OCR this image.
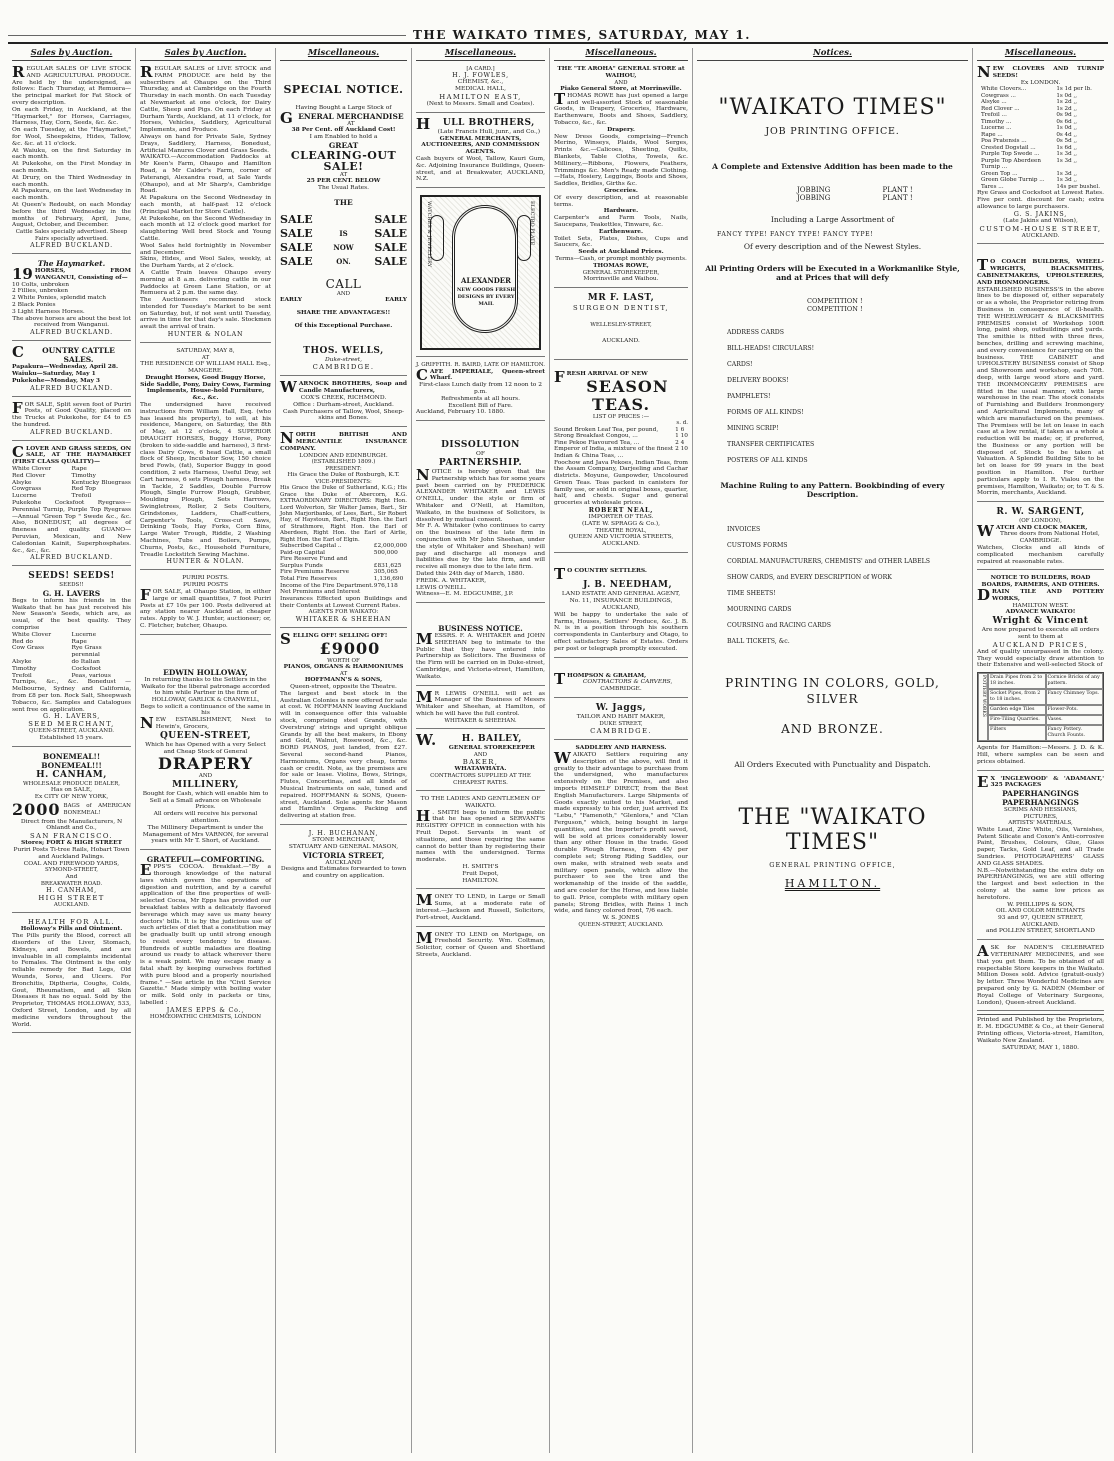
THE WAIKATO TIMES, SATURDAY, MAY 1.
Sales by Auction.
REGULAR SALES OF LIVE STOCK AND AGRICULTURAL PRODUCE. Are held by the undersigned, as follows: Each Thursday, at Remuera—the principal market for Fat Stock of every description.
On each Friday, in Auckland, at the "Haymarket," for Horses, Carriages, Harness, Hay, Corn, Seeds, &c. &c.
On each Tuesday, at the "Haymarket," for Wool, Sheepskins, Hides, Tallow, &c. &c. at 11 o'clock.
At Waiuku, on the first Saturday in each month.
At Pukekohe, on the First Monday in each month.
At Drury, on the Third Wednesday in each month.
At Papakura, on the last Wednesday in each month.
At Queen's Redoubt, on each Monday before the third Wednesday in the months of February, April, June, August, October, and December.
Cattle Sales specially advertised. Sheep Fairs specially advertised.
ALFRED BUCKLAND.
The Haymarket.
19 HORSES, FROM WANGANUI, Consisting of—
10 Colts, unbroken
2 Fillies, unbroken
2 White Ponies, splendid match
2 Black Ponies
3 Light Harness Horses.
The above horses are about the best lot received from Wanganui.
ALFRED BUCKLAND.
C OUNTRY CATTLE SALES.
Papakura—Wednesday, April 28.
Waiuku—Saturday, May 1
Pukekohe—Monday, May 3
ALFRED BUCKLAND.
FOR SALE, Split seven foot of Puriri Posts, of Good Quality, placed on the Trucks at Pukekohe, for £4 to £5 the hundred.
ALFRED BUCKLAND.
CLOVER AND GRASS SEEDS, ON SALE, AT THE HAYMARKET (FIRST CLASS QUALITY)—
White Clover	Rape
Red Clover	Timothy
Alsyke	Kentucky Bluegrass
Cowgrass	Red Top
Lucerne	Trefoil
Pukekohe Cocksfoot Ryegrass—Perennial Turnip, Purple Top Ryegrass—Annual "Green Top " Swede &c., &c. Also, BONEDUST, all degrees of fineness and quality. GUANO—Peruvian, Mexican, and New Caledonian Kainit, Superphosphates. &c., &c., &c.
ALFRED BUCKLAND.
SEEDS! SEEDS!
SEEDS!!
G. H. LAVERS
Begs to inform his friends in the Waikato that he has just received his New Season's Seeds, which are, as usual, of the best quality. They comprise
White Clover	Lucerne
Red do	Rape
Cow Grass	Rye Grass perennial
Alsyke	do Italian
Timothy	Cocksfoot
Trefoil	Peas, various
Turnips, &c., &c. Bonedust — Melbourne, Sydney and California, from £8 per ton. Rock Salt, Sheepwash Tobacco, &c. Samples and Catalogues sent free on application.
G. H. LAVERS,
SEED MERCHANT,
QUEEN-STREET, AUCKLAND.
Established 15 years.
BONEMEAL!! BONEMEAL!!!
H. CANHAM,
WHOLESALE PRODUCE DEALER,
Has on SALE,
Ex CITY OF NEW YORK,
2000 BAGS of AMERICAN BONEMEAL!
Direct from the Manufacturers, N Ohlandt and Co.,
SAN FRANCISCO.
Stores; FORT & HIGH STREET
Puriri Posts Ti-tree Rails, Hobart Town and Auckland Palings.
COAL AND FIREWOOD YARDS,
SYMOND-STREET,
And
BREAKWATER ROAD.
H. CANHAM,
HIGH STREET
AUCKLAND.
HEALTH FOR ALL.
Holloway's Pills and Ointment.
The Pills purify the Blood, correct all disorders of the Liver, Stomach, Kidneys, and Bowels, and are invaluable in all complaints incidental to Females. The Ointment is the only reliable remedy for Bad Legs, Old Wounds, Sores, and Ulcers. For Bronchitis, Diptheria, Coughs, Colds, Gout, Rheumatism, and all Skin Diseases it has no equal. Sold by the Proprietor, THOMAS HOLLOWAY, 533, Oxford Street, London, and by all medicine vendors throughout the World.
Sales by Auction.
REGULAR SALES of LIVE STOCK and FARM PRODUCE are held by the subscribers at Ohaupo on the Third Thursday, and at Cambridge on the Fourth Thursday in each month. On each Tuesday at Newmarket at one o'clock, for Dairy Cattle, Sheep and Pigs. On each Friday at Durham Yards, Auckland, at 11 o'clock, for Horses, Vehicles, Saddlery, Agricultural Implements, and Produce.
Always on hand for Private Sale, Sydney Drays, Saddlery, Harness, Bonedust, Artificial Manures Clover and Grass Seeds.
WAIKATO.—Accommodation Paddocks at Mr Keen's Farm, Ohaupo and Hamilton Road, a Mr Calder's Farm, corner of Paterangi, Alexandra road, at Sale Yards (Ohaupo), and at Mr Sharp's, Cambridge Road.
At Papakura on the Second Wednesday in each month, at half-past 12 o'clock (Principal Market for Store Cattle).
At Pukekohe, on the Second Wednesday in each month at 12 o'clock good market for slaughtering Well bred Stock and Young Cattle.
Wool Sales held fortnightly in November and December.
Skins, Hides, and Wool Sales, weekly, at the Durham Yards, at 2 o'clock.
A Cattle Train leaves Ohaupo every morning at 8 a.m. delivering cattle in our Paddocks at Green Lane Station, or at Remuera at 2 p.m. the same day.
The Auctioneers recommend stock intended for Tuesday's Market to be sent on Saturday, but, if not sent until Tuesday, arrive in time for that day's sale. Stockmen await the arrival of train.
HUNTER & NOLAN
SATURDAY, MAY 8,
AT
THE RESIDENCE OF WILLIAM HALL Esq., MANGERE.
Draught Horses, Good Buggy Horse, Side Saddle, Pony, Dairy Cows, Farming Implements, House-hold Furniture, &c., &c.
The undersigned have received instructions from William Hall, Esq. (who has leased his property), to sell, at his residence, Mangere, on Saturday, the 8th of May, at 12 o'clock, 4 SUPERIOR DRAUGHT HORSES, Buggy Horse, Pony (broken to side-saddle and harness), 3 first-class Dairy Cows, 6 head Cattle, a small flock of Sheep, Incubator Sow, 150 choice bred Fowls, (fat), Superior Buggy in good condition, 2 sets Harness, Useful Dray, set Cart harness, 6 sets Plough harness, Break in Tackle, 2 Saddles, Double Furrow Plough, Single Furrow Plough, Grubber, Moulding Plough, Sets Harrows, Swingletrees, Roller, 2 Sets Coulters, Grindstones, Ladders, Chaff-cutters, Carpenter's Tools, Cross-cut Saws, Drinking Tools, Hay Forks, Corn Bins, Large Water Trough, Riddle, 2 Washing Machines, Tubs and Boilers, Pumps, Churns, Posts, &c., Household Furniture, Treadle Lockstitch Sewing Machine.
HUNTER & NOLAN.
PURIRI POSTS.
PURIRI POSTS
FOR SALE, at Ohaupo Station, in either large or small quantities, 7 foot Puriri Posts at £7 10s per 100. Posts delivered at any station nearer Auckland at cheaper rates. Apply to W. J. Hunter, auctioneer; or, C. Fletcher, butcher, Ohaupo.
EDWIN HOLLOWAY,
In returning thanks to the Settlers in the Waikato for the liberal patronage accorded to him while Partner in the firm of
HOLLOWAY, GARLICK & CRANWELL,
Begs to solicit a continuance of the same in his
NEW ESTABLISHMENT, Next to Hewin's, Grocers,
QUEEN-STREET,
Which he has Opened with a very Select and Cheap Stock of General
DRAPERY
AND
MILLINERY,
Bought for Cash, which will enable him to Sell at a Small advance on Wholesale Prices.
All orders will receive his personal attention.
The Millinery Department is under the Management of Mrs VARNON, for several years with Mr T. Short, of Auckland.
GRATEFUL—COMFORTING.
EPPS'S COCOA. Breakfast.—"By a thorough knowledge of the natural laws which govern the operations of digestion and nutrition, and by a careful application of the fine properties of well-selected Cocoa, Mr Epps has provided our breakfast tables with a delicately flavored beverage which may save us many heavy doctors' bills. It is by the judicious use of such articles of diet that a constitution may be gradually built up until strong enough to resist every tendency to disease. Hundreds of subtle maladies are floating around us ready to attack wherever there is a weak point. We may escape many a fatal shaft by keeping ourselves fortified with pure blood and a properly nourished frame." —See article in the "Civil Service Gazette." Made simply with boiling water or milk. Sold only in packets or tins, labelled :
JAMES EPPS & Co.,
HOMŒOPATHIC CHEMISTS, LONDON
Miscellaneous.
SPECIAL NOTICE.
Having Bought a Large Stock of
GENERAL MERCHANDISE
AT
38 Per Cent. off Auckland Cost!
I am Enabled to hold a
GREAT
CLEARING-OUT SALE!
AT
25 PER CENT. BELOW
The Usual Rates.
THE
SALE	SALE
SALE	IS	SALE
SALE	NOW	SALE
SALE	ON.	SALE
CALL
AND
EARLY	EARLY
SHARE THE ADVANTAGES!!
Of this Exceptional Purchase.
THOS. WELLS,
Duke-street,
CAMBRIDGE.
WARNOCK BROTHERS, Soap and Candle Manufacturers,
COX'S CREEK, RICHMOND.
Office : Durham-street, Auckland.
Cash Purchasers of Tallow, Wool, Sheep-skins and Bones.
NORTH BRITISH AND MERCANTILE INSURANCE COMPANY.
LONDON AND EDINBURGH.
(ESTABLISHED 1809.)
PRESIDENT:
His Grace the Duke of Roxburgh, K.T.
VICE-PRESIDENTS:
His Grace the Duke of Sutherland, K.G.; His Grace the Duke of Abercorn, K.G. EXTRAORDINARY DIRECTORS: Right Hon. Lord Wolverton, Sir Walter James, Bart., Sir John Marjoribanks, of Lees, Bart., Sir Robert Hay, of Haystoun, Bart., Right Hon. the Earl of Strathmore, Right Hon. the Earl of Aberdeen, Right Hon. the Earl of Airlie, Right Hon. the Earl of Elgin.
Subscribed Capital ..	£2,000,000
Paid-up Capital	500,000
Fire Reserve Fund and
Surplus Funds	£831,625
Fire Premiums Reserve	305,065
Total Fire Reserves	1,136,690
Income of the Fire Department. Net Premiums and Interest
976,118
Insurances Effected upon Buildings and their Contents at Lowest Current Rates.
AGENTS FOR WAIKATO:
WHITAKER & SHEEHAN
SELLING OFF! SELLING OFF!
£9000
WORTH OF
PIANOS, ORGANS & HARMONIUMS
AT
HOFFMANN'S & SONS,
Queen-street, opposite the Theatre.
The largest and best stock in the Australian Colonies is now offered for sale at cost. W. HOFFMANN leaving Auckland will in consequence offer this valuable stock, comprising steel Grands, with Overstrung' strings and upright oblique Grands by all the best makers, in Ebony and Gold, Walnut, Rosewood, &c., &c. BORD PIANOS, just landed, from £27. Several second-hand Pianos, Harmoniums, Organs very cheap, terms cash or credit. Note, as the premises are for sale or lease. Violins, Bows, Strings, Flutes, Concertinas, and all kinds of Musical Instruments on sale, tuned and repaired. HOFFMANN & SONS, Queen-street, Auckland. Sole agents for Mason and Hamlin's Organs. Packing and delivering at station free.
J. H. BUCHANAN,
STONE MERCHANT,
STATUARY AND GENERAL MASON,
VICTORIA STREET,
AUCKLAND
Designs and Estimates forwarded to town and country on application.
Miscellaneous.
[A CARD.]
H. J. FOWLES,
CHEMIST, &c.,
MEDICAL HALL,
HAMILTON EAST,
(Next to Messrs. Small and Coates).
H ULL BROTHERS,
(Late Francis Hull, junr., and Co.,)
GENERAL MERCHANTS, AUCTIONEERS, AND COMMISSION AGENTS.
Cash buyers of Wool, Tallow, Kauri Gum, &c. Adjoining Insurance Buildings, Queen-street, and at Breakwater, AUCKLAND, N.Z.
WATCHES & JEWELLERY	ELECTRO PLATE
ALEXANDER
NEW GOODS FRESH DESIGNS BY EVERY MAIL
J. GRIFFITH. R. BAIRD, LATE OF HAMILTON.
CAFE IMPERIALE, Queen-street Wharf.
First-class Lunch daily from 12 noon to 2 p.m.
Refreshments at all hours.
Excellent Bill of Fare.
Auckland, February 10. 1880.
DISSOLUTION
OF
PARTNERSHIP.
NOTICE is hereby given that the Partnership which has for some years past been carried on by FREDERICK ALEXANDER WHITAKER and LEWIS O'NEILL, under the style or firm of Whitaker and O'Neill, at Hamilton, Waikato, in the business of Solicitors, is dissolved by mutual consent.
Mr F. A. Whitaker (who continues to carry on the business of the late firm in conjunction with Mr John Sheehan, under the style of Whitaker and Sheehan) will pay and discharge all moneys and liabilities due by the late firm, and will receive all moneys due to the late firm.
Dated this 24th day of March, 1880.
FREDK. A. WHITAKER,
LEWIS O'NEILL.
Witness—E. M. EDGCUMBE, J.P.
BUSINESS NOTICE.
MESSRS. F. A. WHITAKER and JOHN SHEEHAN beg to intimate to the Public that they have entered into Partnership as Solicitors. The Business of the Firm will be carried on in Duke-street, Cambridge, and Victoria-street, Hamilton, Waikato.
M R LEWIS O'NEILL will act as Manager of the Business of Messrs Whitaker and Sheehan, at Hamilton, of which he will have the full control.
WHITAKER & SHEEHAN.
W.	H. BAILEY,
GENERAL STOREKEEPER
AND
BAKER,
WHATAWHATA.
CONTRACTORS SUPPLIED AT THE CHEAPEST RATES.
TO THE LADIES AND GENTLEMEN OF WAIKATO.
H . SMITH begs to inform the public that he has opened a SERVANT'S REGISTRY OFFICE in connection with his Fruit Depot. Servants in want of situations, and those requiring the same cannot do better than by registering their names with the undersigned. Terms moderate.
H. SMITH'S
Fruit Depot,
HAMILTON.
MONEY TO LEND, in Large or Small Sums, at a moderate rate of interest.—Jackson and Russell, Solicitors, Fort-street, Auckland.
MONEY TO LEND on Mortgage, on Freehold Security. Wm. Coltman, Solicitor, corner of Queen and Shortland Streets, Auckland.
Miscellaneous.
THE "TE AROHA" GENERAL STORE at WAIHOU,
AND
Piako General Store, at Morrinsville.
THOMAS ROWE has just opened a large and well-assorted Stock of seasonable Goods, in Drapery, Groceries, Hardware, Earthenware, Boots and Shoes, Saddlery, Tobacco, &c., &c.
Drapery.
New Dress Goods, comprising—French Merino, Winseys, Plaids, Wool Serges, Prints &c.—Calicoes, Sheeting, Quilts, Blankets, Table Cloths, Towels, &c. Millinery,—Ribbons, Flowers, Feathers, Trimmings &c. Men's Ready made Clothing.—Hats, Hosiery, Leggings, Boots and Shoes, Saddles, Bridles, Girths &c.
Groceries.
Of every description, and at reasonable terms.
Hardware.
Carpenter's and Farm Tools, Nails, Saucepans, Teakettles, Tinware, &c.
Earthenware.
Toilet Sets, Plates, Dishes, Cups and Saucers, &c.
Seeds at Auckland Prices.
Terms—Cash, or prompt monthly payments.
THOMAS ROWE,
GENERAL STOREKEEPER,
Morrinsville and Waihou.
MR F. LAST,
SURGEON DENTIST,
WELLESLEY-STREET,
AUCKLAND.
FRESH ARRIVAL OF NEW
SEASON TEAS.
LIST OF PRICES :—
s. d.
Sound Broken Leaf Tea, per pound,	1 6
Strong Breakfast Congou, ...	1 10
Fine Pekoe Flavoured Tea, ...	2 4
Emperor of India, a mixture of the finest Indian & China Teas, ...
2 10
Foochow and Java Pekoes, Indian Teas, from the Assam Company, Darjeeling and Cachar districts. Moyune, Gunpowder, Uncoloured Green Teas. Teas packed in canisters for family use, or sold in original boxes, quarter, half, and chests. Sugar and general groceries at wholesale prices.
ROBERT NEAL,
IMPORTER OF TEAS.
(LATE W. SPRAGG & Co.),
THEATRE ROYAL,
QUEEN AND VICTORIA STREETS, AUCKLAND.
T O COUNTRY SETTLERS.
J. B. NEEDHAM,
LAND ESTATE AND GENERAL AGENT,
No. 11, INSURANCE BUILDINGS, AUCKLAND,
Will be happy to undertake the sale of Farms, Houses, Settlers' Produce, &c. J. B. N. is in a position through his southern correspondents in Canterbury and Otago, to effect satisfactory Sales of Estates. Orders per post or telegraph promptly executed.
THOMPSON & GRAHAM,
CONTRACTORS & CARVERS,
CAMBRIDGE.
W. Jaggs,
TAILOR AND HABIT MAKER,
DUKE STREET,
CAMBRIDGE.
SADDLERY AND HARNESS.
WAIKATO Settlers requiring any description of the above, will find it greatly to their advantage to purchase from the undersigned, who manufactures extensively on the Premises, and also imports HIMSELF DIRECT, from the Best English Manufacturers. Large Shipments of Goods exactly suited to his Market, and made expressly to his order, just arrived Ex "Lebu," "Famenoth," "Glenlora," and "Clan Ferguson," which, being bought in large quantities, and the Importer's profit saved, will be sold at prices considerably lower than any other House in the trade. Good durable Plough Harness, from 45/ per complete set; Strong Riding Saddles, our own make, with strained web seats and military open panels, which allow the purchaser to see the tree and the workmanship of the inside of the saddle, and are cooler for the Horse, and less liable to gall. Price, complete with military open panels; Strong Bridles, with Reins 1 inch wide, and fancy colored front, 7/6 each.
W. S. JONES
QUEEN-STREET, AUCKLAND.
Notices.
"WAIKATO TIMES"
JOB PRINTING OFFICE.
A Complete and Extensive Addition has been made to the
JOBBING
JOBBING
PLANT !
PLANT !
Including a Large Assortment of
FANCY TYPE! FANCY TYPE! FANCY TYPE!
Of every description and of the Newest Styles.
All Printing Orders will be Executed in a Workmanlike Style, and at Prices that will defy
COMPETITION !
COMPETITION !
ADDRESS CARDS
BILL-HEADS! CIRCULARS!
CARDS!
DELIVERY BOOKS!
PAMPHLETS!
FORMS OF ALL KINDS!
MINING SCRIP!
TRANSFER CERTIFICATES
POSTERS OF ALL KINDS
Machine Ruling to any Pattern. Bookbinding of every Description.
INVOICES
CUSTOMS FORMS
CORDIAL MANUFACTURERS, CHEMISTS' and OTHER LABELS
SHOW CARDS, and EVERY DESCRIPTION of WORK
TIME SHEETS!
MOURNING CARDS
COURSING and RACING CARDS
BALL TICKETS, &c.
PRINTING IN COLORS, GOLD, SILVER
AND BRONZE.
All Orders Executed with Punctuality and Dispatch.
THE "WAIKATO TIMES"
GENERAL PRINTING OFFICE,
HAMILTON.
Miscellaneous.
NEW CLOVERS AND TURNIP SEEDS!
Ex LONDON.
White Clovers...	1s 1d per lb.
Cowgrass ...	1s 0d ,,
Alsyke ...	1s 2d ,,
Red Clover ...	1s 2d ,,
Trefoil ...	0s 9d ,,
Timothy ...	0s 6d ,,
Lucerne ...	1s 0d ,,
Rape ...	0s 4d ,,
Poa Pratensis ...	0s 5d ,,
Crested Dogstail ...	1s 6d ,,
Purple Top Swede ...	1s 3d ,,
Purple Top Aberdeen Turnip ...
1s 3d ,,
Green Top ...	1s 3d ,,
Green Globe Turnip ...	1s 3d ,,
Tares ...	14s per bushel.
Rye Grass and Cocksfoot at Lowest Rates. Five per cent. discount for cash; extra allowance to large purchasers.
G. S. JAKINS,
(Late Jakins and Wilson),
CUSTOM-HOUSE STREET,
AUCKLAND.
T O COACH BUILDERS, WHEEL-WRIGHTS, BLACKSMITHS, CABINETMAKERS, UPHOLSTERERS, AND IRONMONGERS.
ESTABLISHED BUSINESS'S in the above lines to be disposed of, either separately or as a whole, the Proprietor retiring from Business in consequence of ill-health. THE WHEELWRIGHT & BLACKSMITHS PREMISES consist of Workshop 100ft long, paint shop, outbuildings and yards. The smithie is fitted with three fires, benches, drilling and screwing machine, and every convenience for carrying on the business. THE CABINET and UPHOLSTERY BUSINESS consist of Shop and Showroom and workshop, each 70ft. deep, with large wood store and yard. THE IRONMONGERY PREMISES are fitted in the usual manner, with large warehouse in the rear. The stock consists of Furnishing and Builders Ironmongery and Agricultural Implements, many of which are manufactured on the premises. The Premises will be let on lease in each case at a low rental, if taken as a whole a reduction will be made; or, if preferred, the Business or any portion will be disposed of. Stock to be taken at Valuation. A Splendid Building Site to be let on lease for 99 years in the best position in Hamilton. For further particulars apply to I. R. Vialou on the premises, Hamilton, Waikato; or, to T. & S. Morrin, merchants, Auckland.
R. W. SARGENT,
(OF LONDON),
WATCH AND CLOCK MAKER,
Three doors from National Hotel,
CAMBRIDGE.
Watches, Clocks and all kinds of complicated mechanism carefully repaired at reasonable rates.
NOTICE TO BUILDERS, ROAD BOARDS, FARMERS, AND OTHERS.
DRAIN TILE AND POTTERY WORKS,
HAMILTON WEST.
ADVANCE WAIKATO!
Wright & Vincent
Are now prepared to execute all orders sent to them at
AUCKLAND PRICES,
And of quality unsurpassed in the colony. They would especially draw attention to their Extensive and well-selected Stock of
POTTERY WORKS Drain Pipes from 2 to 18 inches.
Cornice Bricks of any pattern.
Socket Pipes, from 2 to 18 inches.
Fancy Chimney Tops.
Garden edge Tiles	Flower-Pots.
Fire-Tiling Quarries.	Vases.
Filters	Fancy Pottery. Church Founts.
Agents for Hamilton:—Messrs. J. D. & K. Hill, where samples can be seen and prices obtained.
E X 'INGLEWOOD' & 'ADAMANT,' 325 PACKAGES
PAPERHANGINGS
PAPERHANGINGS
SCRIMS AND HESSIANS,
PICTURES,
ARTISTS' MATERIALS,
White Lead, Zinc White, Oils, Varnishes, Patent Silicate and Coxon's Anti-corrosive Paint, Brushes, Colours, Glue, Glass paper, Tacks, Gold Leaf, and all Trade Sundries. PHOTOGRAPHERS' GLASS AND GLASS SHADES.
N.B.—Notwithstanding the extra duty on PAPERHANGINGS, we are still offering the largest and best selection in the colony at the same low prices as heretofore.
W. PHILLIPPS & SON,
OIL AND COLOR MERCHANTS
93 and 97, QUEEN STREET,
AUCKLAND.
and POLLEN STREET, SHORTLAND
ASK for NADEN'S CELEBRATED VETERINARY MEDICINES, and see that you get them. To be obtained of all respectable Store keepers in the Waikato. Million Doses sold. Advice (gratuit-ously) by letter. Three Wonderful Medicines are prepared only by G. NADEN (Member of Royal College of Veterinary Surgeons, London), Queen-street Auckland.
Printed and Published by the Proprietors, E. M. EDGCUMBE & Co., at their General Printing offices, Victoria-street, Hamilton, Waikato New Zealand.
SATURDAY, MAY 1, 1880.
